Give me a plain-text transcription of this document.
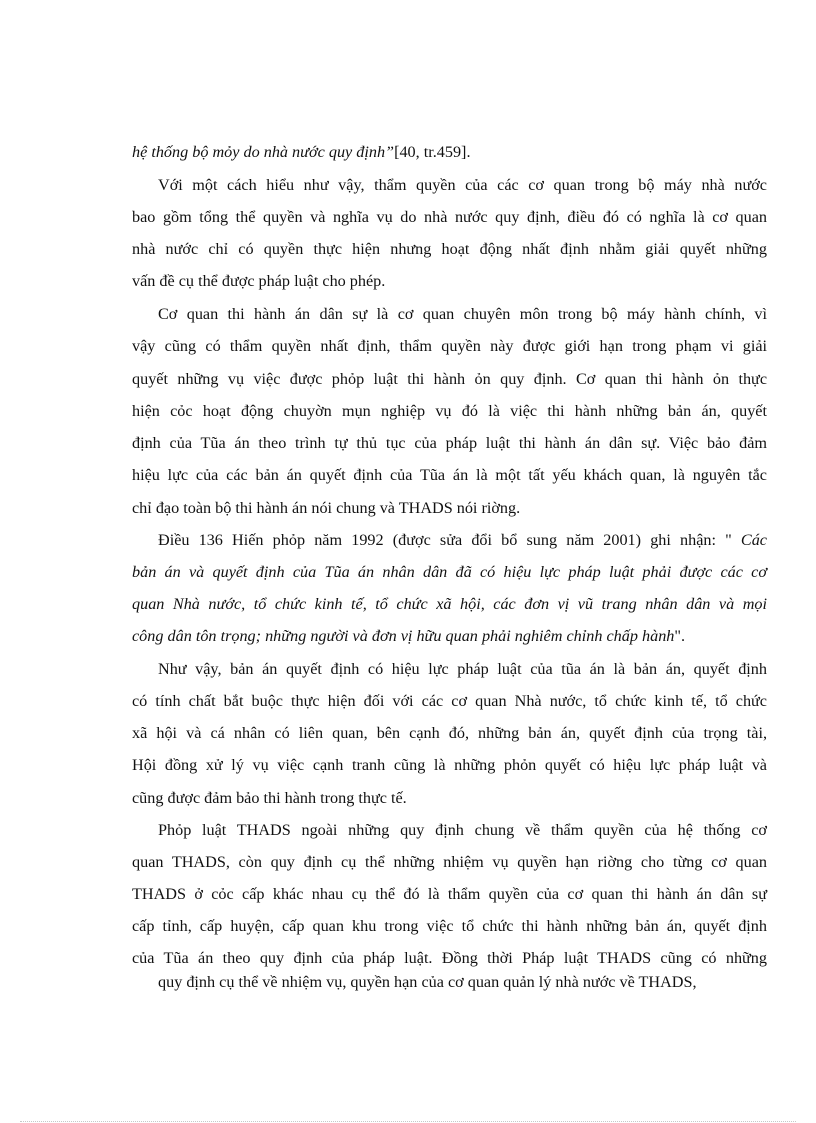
hệ thống bộ mỏy do nhà nước quy định”[40, tr.459].
Với một cách hiểu như vậy, thẩm quyền của các cơ quan trong bộ máy nhà nước
bao gồm tổng thể quyền và nghĩa vụ do nhà nước quy định, điều đó có nghĩa là cơ quan
nhà nước chỉ có quyền thực hiện nhưng hoạt động nhất định nhằm giải quyết những
vấn đề cụ thể được pháp luật cho phép.
Cơ quan thi hành án dân sự là cơ quan chuyên môn trong bộ máy hành chính, vì
vậy cũng có thẩm quyền nhất định, thẩm quyền này được giới hạn trong phạm vi giải
quyết những vụ việc được phỏp luật thi hành ỏn quy định. Cơ quan thi hành ỏn thực
hiện cỏc hoạt động chuyờn mụn nghiệp vụ đó là việc thi hành những bản án, quyết
định của Tũa án theo trình tự thủ tục của pháp luật thi hành án dân sự. Việc bảo đảm
hiệu lực của các bản án quyết định của Tũa án là một tất yếu khách quan, là nguyên tắc
chỉ đạo toàn bộ thi hành án nói chung và THADS nói riờng.
Điều 136 Hiến phỏp năm 1992 (được sửa đổi bổ sung năm 2001) ghi nhận: " Các
bản án và quyết định của Tũa án nhân dân đã có hiệu lực pháp luật phải được các cơ
quan Nhà nước, tổ chức kinh tế, tổ chức xã hội, các đơn vị vũ trang nhân dân và mọi
công dân tôn trọng; những người và đơn vị hữu quan phải nghiêm chỉnh chấp hành".
Như vậy, bản án quyết định có hiệu lực pháp luật của tũa án là bản án, quyết định
có tính chất bắt buộc thực hiện đối với các cơ quan Nhà nước, tổ chức kinh tế, tổ chức
xã hội và cá nhân có liên quan, bên cạnh đó, những bản án, quyết định của trọng tài,
Hội đồng xử lý vụ việc cạnh tranh cũng là những phỏn quyết có hiệu lực pháp luật và
cũng được đảm bảo thi hành trong thực tế.
Phỏp luật THADS ngoài những quy định chung về thẩm quyền của hệ thống cơ
quan THADS, còn quy định cụ thể những nhiệm vụ quyền hạn riờng cho từng cơ quan
THADS ở cỏc cấp khác nhau cụ thể đó là thẩm quyền của cơ quan thi hành án dân sự
cấp tỉnh, cấp huyện, cấp quan khu trong việc tổ chức thi hành những bản án, quyết định
của Tũa án theo quy định của pháp luật. Đồng thời Pháp luật THADS cũng có những
quy định cụ thể về nhiệm vụ, quyền hạn của cơ quan quản lý nhà nước về THADS,
